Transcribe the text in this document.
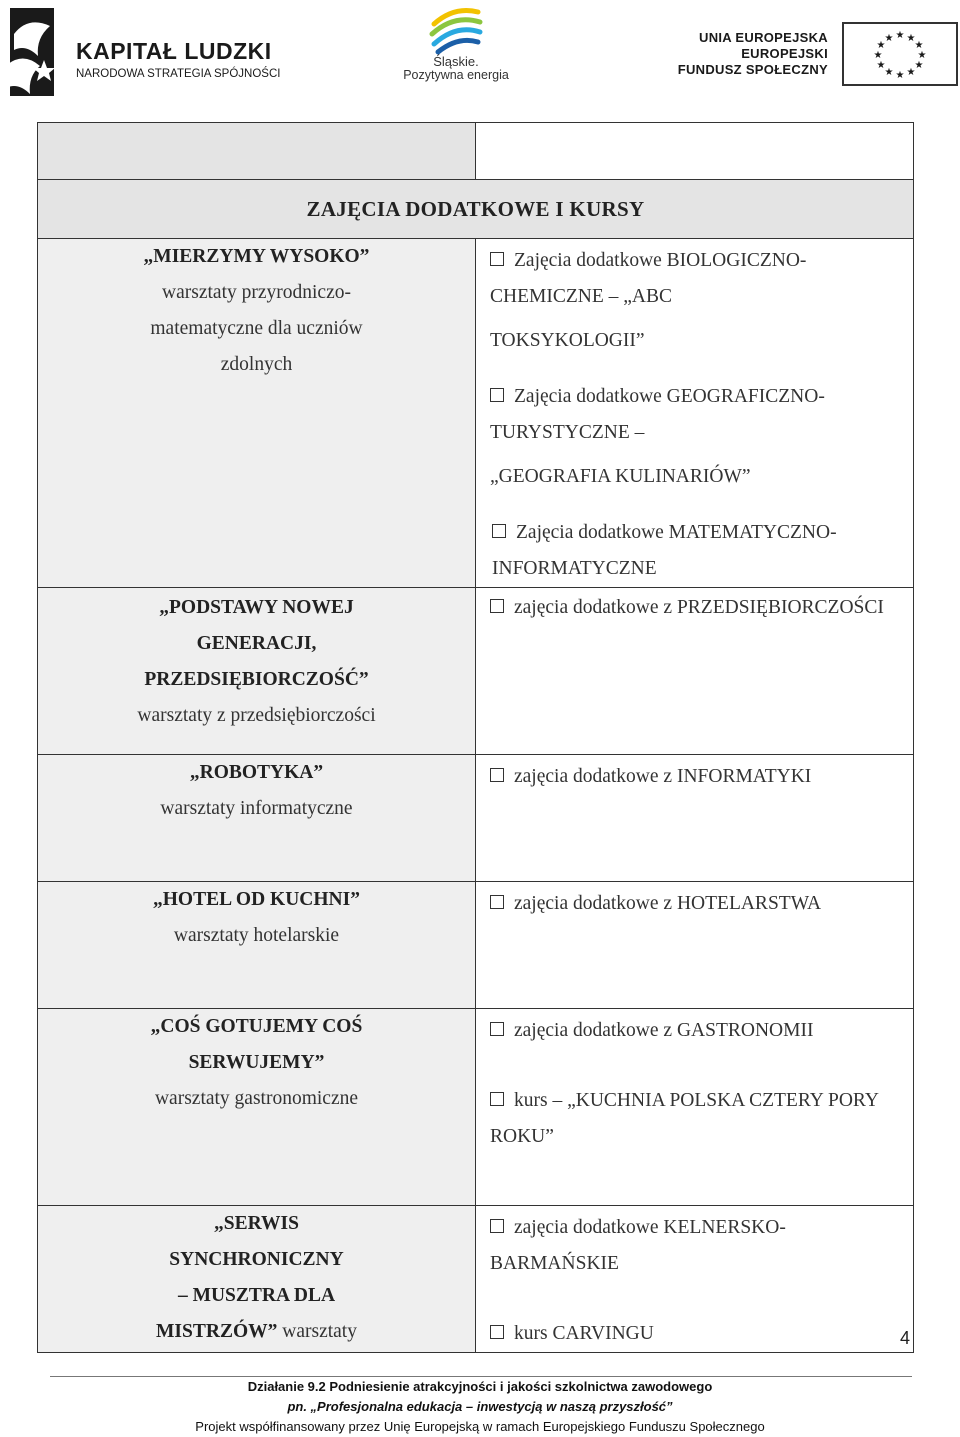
KAPITAŁ LUDZKI
NARODOWA STRATEGIA SPÓJNOŚCI
Śląskie.
Pozytywna energia
UNIA EUROPEJSKA
EUROPEJSKI
FUNDUSZ SPOŁECZNY
★ ★
★
★
★
★
★
★
★
★
★
★

ZAJĘCIA DODATKOWE I KURSY	

„MIERZYMY WYSOKO”
warsztaty przyrodniczo-
matematyczne dla uczniów
zdolnych	Zajęcia dodatkowe BIOLOGICZNO-CHEMICZNE – „ABC
TOKSYKOLOGII”
Zajęcia dodatkowe GEOGRAFICZNO-TURYSTYCZNE –
„GEOGRAFIA KULINARIÓW”
Zajęcia dodatkowe MATEMATYCZNO-INFORMATYCZNE

„PODSTAWY NOWEJ
GENERACJI,
PRZEDSIĘBIORCZOŚĆ”
warsztaty z przedsiębiorczości	zajęcia dodatkowe z PRZEDSIĘBIORCZOŚCI

„ROBOTYKA”
warsztaty informatyczne	zajęcia dodatkowe z INFORMATYKI

„HOTEL OD KUCHNI”
warsztaty hotelarskie	zajęcia dodatkowe z HOTELARSTWA

„COŚ GOTUJEMY COŚ
SERWUJEMY”
warsztaty gastronomiczne	zajęcia dodatkowe z GASTRONOMII
kurs – „KUCHNIA POLSKA CZTERY PORY ROKU”

„SERWIS
SYNCHRONICZNY
– MUSZTRA DLA
MISTRZÓW” warsztaty	zajęcia dodatkowe KELNERSKO-BARMAŃSKIE
kurs CARVINGU	4
Działanie 9.2 Podniesienie atrakcyjności i jakości szkolnictwa zawodowego
pn. „Profesjonalna edukacja – inwestycją w naszą przyszłość”
Projekt współfinansowany przez Unię Europejską w ramach Europejskiego Funduszu Społecznego
